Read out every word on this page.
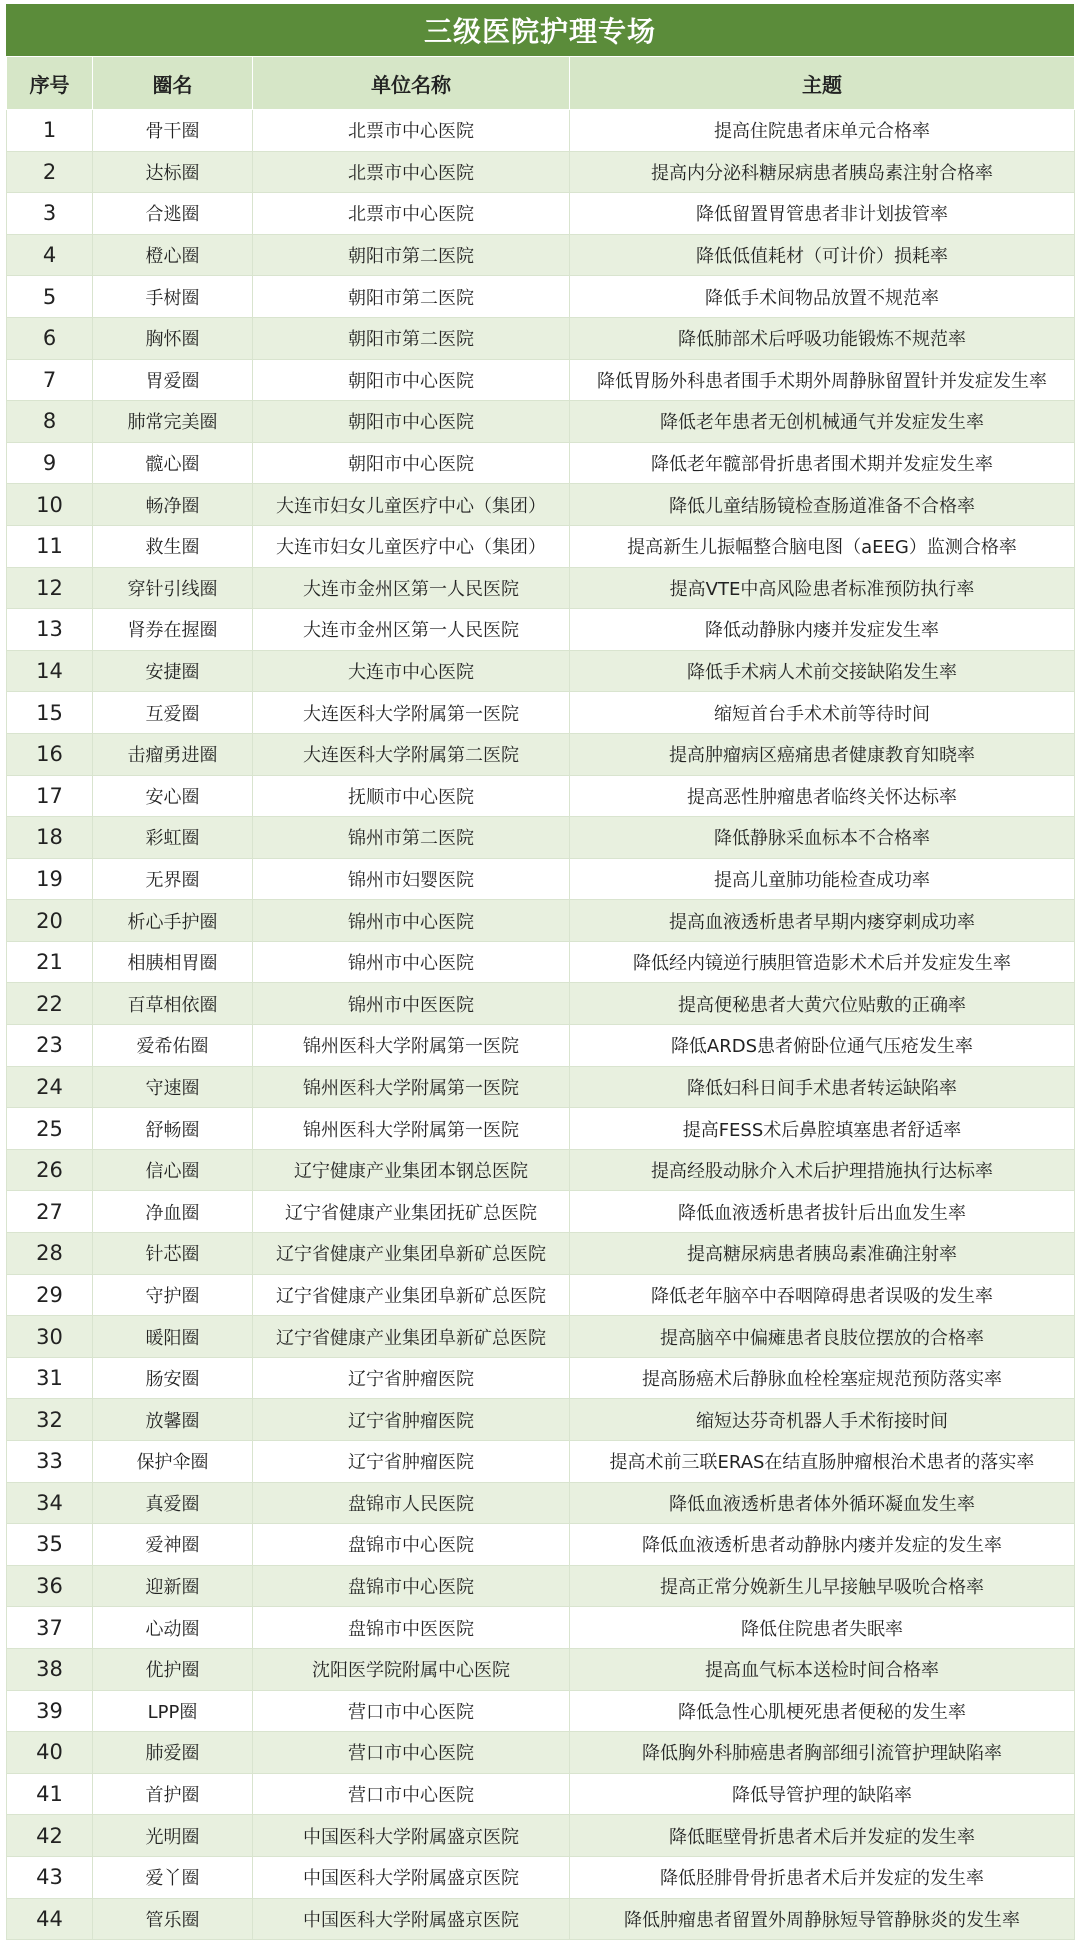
三级医院护理专场
序号	圈名	单位名称	主题
1	骨干圈	北票市中心医院	提高住院患者床单元合格率
2	达标圈	北票市中心医院	提高内分泌科糖尿病患者胰岛素注射合格率
3	合逃圈	北票市中心医院	降低留置胃管患者非计划拔管率
4	橙心圈	朝阳市第二医院	降低低值耗材（可计价）损耗率
5	手树圈	朝阳市第二医院	降低手术间物品放置不规范率
6	胸怀圈	朝阳市第二医院	降低肺部术后呼吸功能锻炼不规范率
7	胃爱圈	朝阳市中心医院	降低胃肠外科患者围手术期外周静脉留置针并发症发生率
8	肺常完美圈	朝阳市中心医院	降低老年患者无创机械通气并发症发生率
9	髋心圈	朝阳市中心医院	降低老年髋部骨折患者围术期并发症发生率
10	畅净圈	大连市妇女儿童医疗中心（集团）	降低儿童结肠镜检查肠道准备不合格率
11	救生圈	大连市妇女儿童医疗中心（集团）	提高新生儿振幅整合脑电图（aEEG）监测合格率
12	穿针引线圈	大连市金州区第一人民医院	提高VTE中高风险患者标准预防执行率
13	肾券在握圈	大连市金州区第一人民医院	降低动静脉内瘘并发症发生率
14	安捷圈	大连市中心医院	降低手术病人术前交接缺陷发生率
15	互爱圈	大连医科大学附属第一医院	缩短首台手术术前等待时间
16	击瘤勇进圈	大连医科大学附属第二医院	提高肿瘤病区癌痛患者健康教育知晓率
17	安心圈	抚顺市中心医院	提高恶性肿瘤患者临终关怀达标率
18	彩虹圈	锦州市第二医院	降低静脉采血标本不合格率
19	无界圈	锦州市妇婴医院	提高儿童肺功能检查成功率
20	析心手护圈	锦州市中心医院	提高血液透析患者早期内瘘穿刺成功率
21	相胰相胃圈	锦州市中心医院	降低经内镜逆行胰胆管造影术术后并发症发生率
22	百草相依圈	锦州市中医医院	提高便秘患者大黄穴位贴敷的正确率
23	爱希佑圈	锦州医科大学附属第一医院	降低ARDS患者俯卧位通气压疮发生率
24	守速圈	锦州医科大学附属第一医院	降低妇科日间手术患者转运缺陷率
25	舒畅圈	锦州医科大学附属第一医院	提高FESS术后鼻腔填塞患者舒适率
26	信心圈	辽宁健康产业集团本钢总医院	提高经股动脉介入术后护理措施执行达标率
27	净血圈	辽宁省健康产业集团抚矿总医院	降低血液透析患者拔针后出血发生率
28	针芯圈	辽宁省健康产业集团阜新矿总医院	提高糖尿病患者胰岛素准确注射率
29	守护圈	辽宁省健康产业集团阜新矿总医院	降低老年脑卒中吞咽障碍患者误吸的发生率
30	暖阳圈	辽宁省健康产业集团阜新矿总医院	提高脑卒中偏瘫患者良肢位摆放的合格率
31	肠安圈	辽宁省肿瘤医院	提高肠癌术后静脉血栓栓塞症规范预防落实率
32	放馨圈	辽宁省肿瘤医院	缩短达芬奇机器人手术衔接时间
33	保护伞圈	辽宁省肿瘤医院	提高术前三联ERAS在结直肠肿瘤根治术患者的落实率
34	真爱圈	盘锦市人民医院	降低血液透析患者体外循环凝血发生率
35	爱神圈	盘锦市中心医院	降低血液透析患者动静脉内瘘并发症的发生率
36	迎新圈	盘锦市中心医院	提高正常分娩新生儿早接触早吸吮合格率
37	心动圈	盘锦市中医医院	降低住院患者失眠率
38	优护圈	沈阳医学院附属中心医院	提高血气标本送检时间合格率
39	LPP圈	营口市中心医院	降低急性心肌梗死患者便秘的发生率
40	肺爱圈	营口市中心医院	降低胸外科肺癌患者胸部细引流管护理缺陷率
41	首护圈	营口市中心医院	降低导管护理的缺陷率
42	光明圈	中国医科大学附属盛京医院	降低眶壁骨折患者术后并发症的发生率
43	爱丫圈	中国医科大学附属盛京医院	降低胫腓骨骨折患者术后并发症的发生率
44	管乐圈	中国医科大学附属盛京医院	降低肿瘤患者留置外周静脉短导管静脉炎的发生率
